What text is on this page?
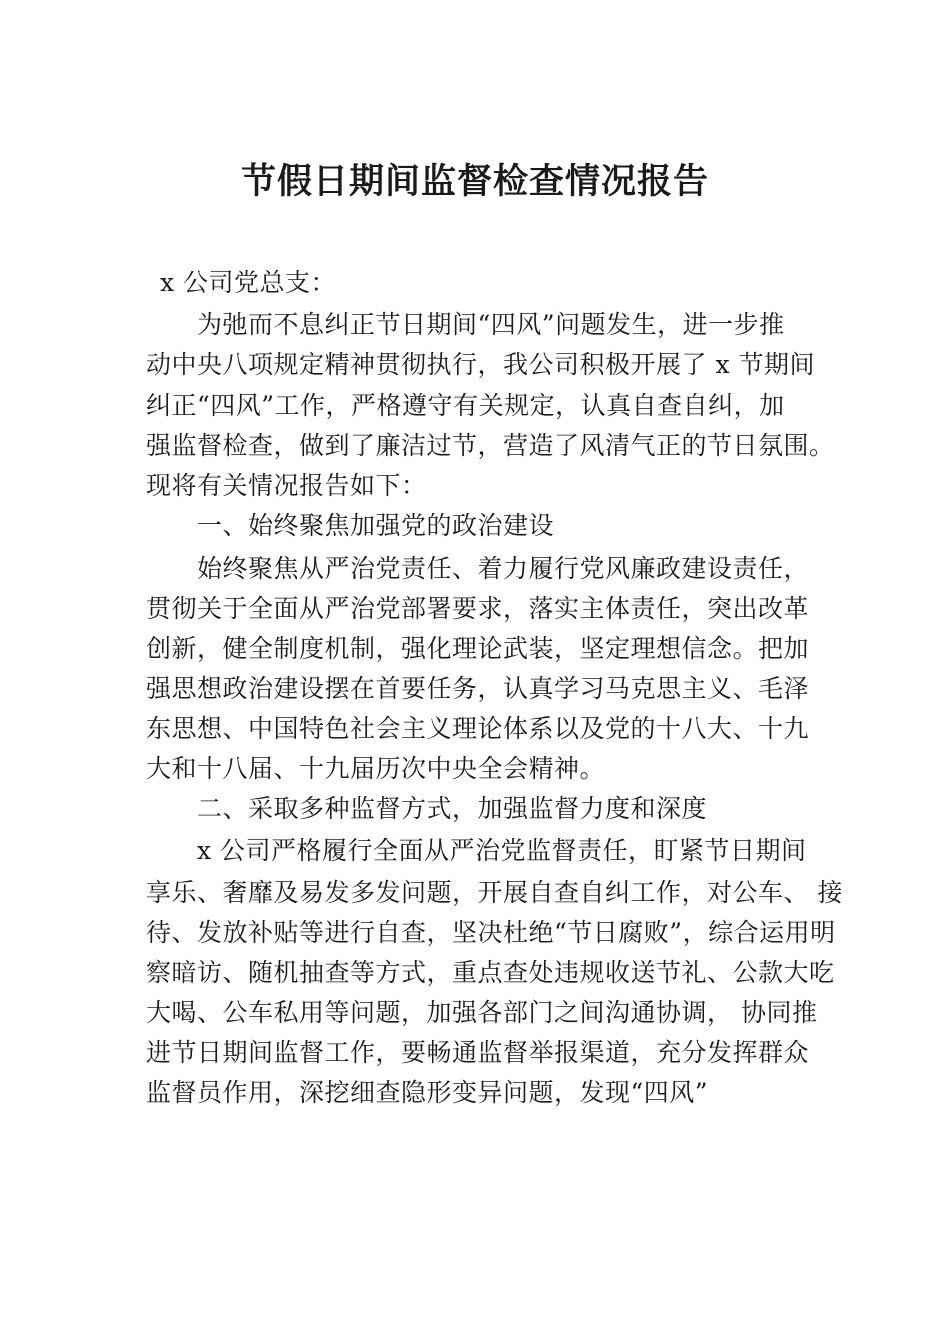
节假日期间监督检查情况报告
x 公司党总支：
为弛而不息纠正节日期间“四风”问题发生，进一步推
动中央八项规定精神贯彻执行，我公司积极开展了 x 节期间
纠正“四风”工作，严格遵守有关规定，认真自查自纠，加
强监督检查，做到了廉洁过节，营造了风清气正的节日氛围。
现将有关情况报告如下：
一、始终聚焦加强党的政治建设
始终聚焦从严治党责任、着力履行党风廉政建设责任，
贯彻关于全面从严治党部署要求，落实主体责任，突出改革
创新，健全制度机制，强化理论武装，坚定理想信念。把加
强思想政治建设摆在首要任务，认真学习马克思主义、毛泽
东思想、中国特色社会主义理论体系以及党的十八大、十九
大和十八届、十九届历次中央全会精神。
二、采取多种监督方式，加强监督力度和深度
x 公司严格履行全面从严治党监督责任，盯紧节日期间
享乐、奢靡及易发多发问题，开展自查自纠工作，对公车、 接
待、发放补贴等进行自查，坚决杜绝“节日腐败”，综合运用明
察暗访、随机抽查等方式，重点查处违规收送节礼、公款大吃
大喝、公车私用等问题，加强各部门之间沟通协调， 协同推
进节日期间监督工作，要畅通监督举报渠道，充分发挥群众
监督员作用，深挖细查隐形变异问题，发现“四风”
